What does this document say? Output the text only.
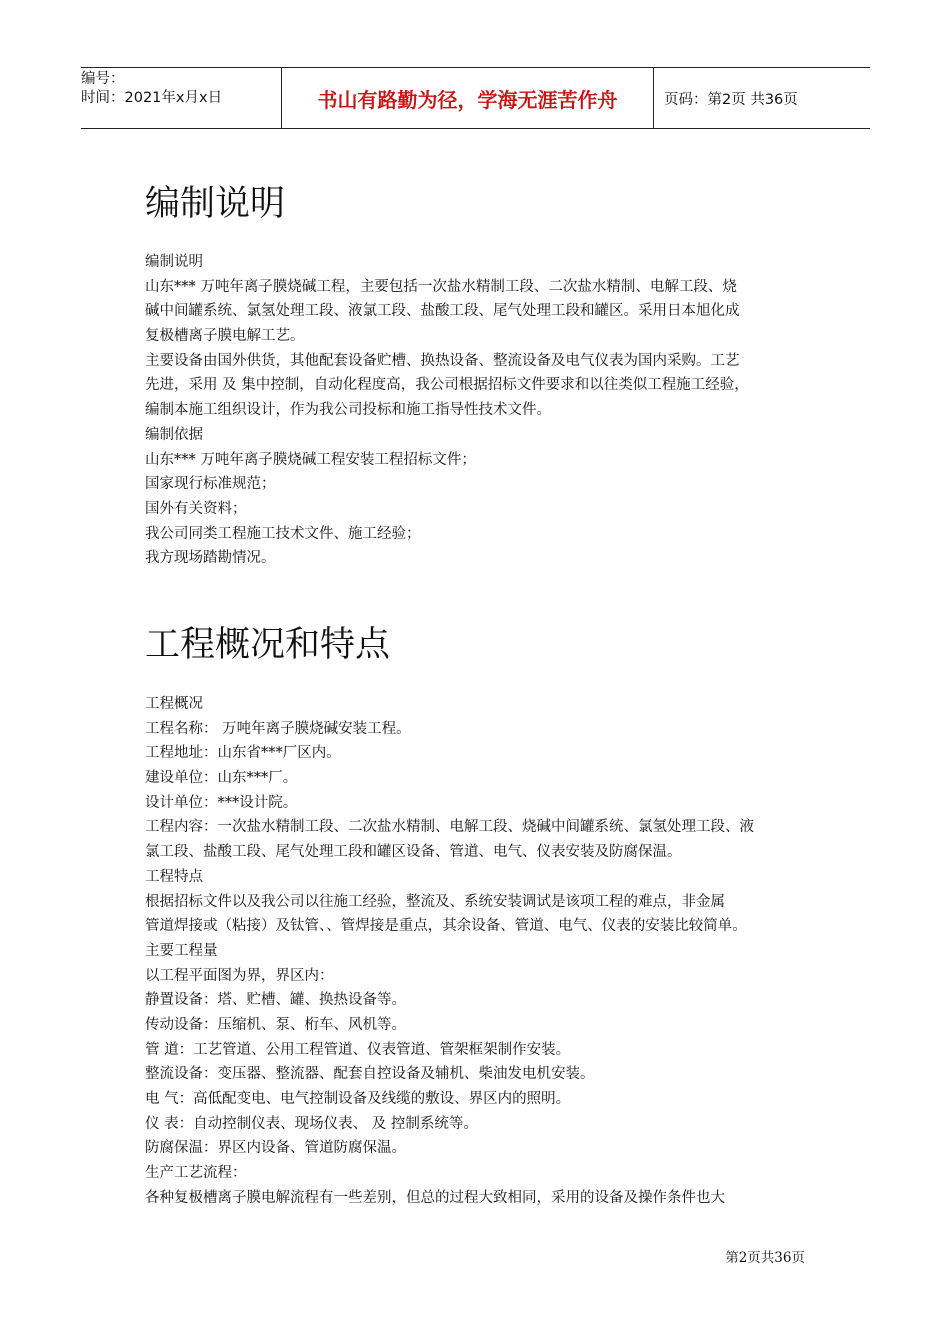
编号：
时间：2021年x月x日	书山有路勤为径，学海无涯苦作舟	页码：第2页 共36页
编制说明
编制说明
山东*** 万吨年离子膜烧碱工程，主要包括一次盐水精制工段、二次盐水精制、电解工段、烧
碱中间罐系统、氯氢处理工段、液氯工段、盐酸工段、尾气处理工段和罐区。采用日本旭化成
复极槽离子膜电解工艺。
主要设备由国外供货，其他配套设备贮槽、换热设备、整流设备及电气仪表为国内采购。工艺
先进，采用 及 集中控制，自动化程度高，我公司根据招标文件要求和以往类似工程施工经验，
编制本施工组织设计，作为我公司投标和施工指导性技术文件。
编制依据
山东*** 万吨年离子膜烧碱工程安装工程招标文件；
国家现行标准规范；
国外有关资料；
我公司同类工程施工技术文件、施工经验；
我方现场踏勘情况。
工程概况和特点
工程概况
工程名称： 万吨年离子膜烧碱安装工程。
工程地址：山东省***厂区内。
建设单位：山东***厂。
设计单位：***设计院。
工程内容：一次盐水精制工段、二次盐水精制、电解工段、烧碱中间罐系统、氯氢处理工段、液
氯工段、盐酸工段、尾气处理工段和罐区设备、管道、电气、仪表安装及防腐保温。
工程特点
根据招标文件以及我公司以往施工经验，整流及、系统安装调试是该项工程的难点，非金属
管道焊接或（粘接）及钛管、、管焊接是重点，其余设备、管道、电气、仪表的安装比较简单。
主要工程量
以工程平面图为界，界区内：
静置设备：塔、贮槽、罐、换热设备等。
传动设备：压缩机、泵、桁车、风机等。
管 道：工艺管道、公用工程管道、仪表管道、管架框架制作安装。
整流设备：变压器、整流器、配套自控设备及辅机、柴油发电机安装。
电 气：高低配变电、电气控制设备及线缆的敷设、界区内的照明。
仪 表：自动控制仪表、现场仪表、 及 控制系统等。
防腐保温：界区内设备、管道防腐保温。
生产工艺流程：
各种复极槽离子膜电解流程有一些差别，但总的过程大致相同，采用的设备及操作条件也大
第2页共36页
